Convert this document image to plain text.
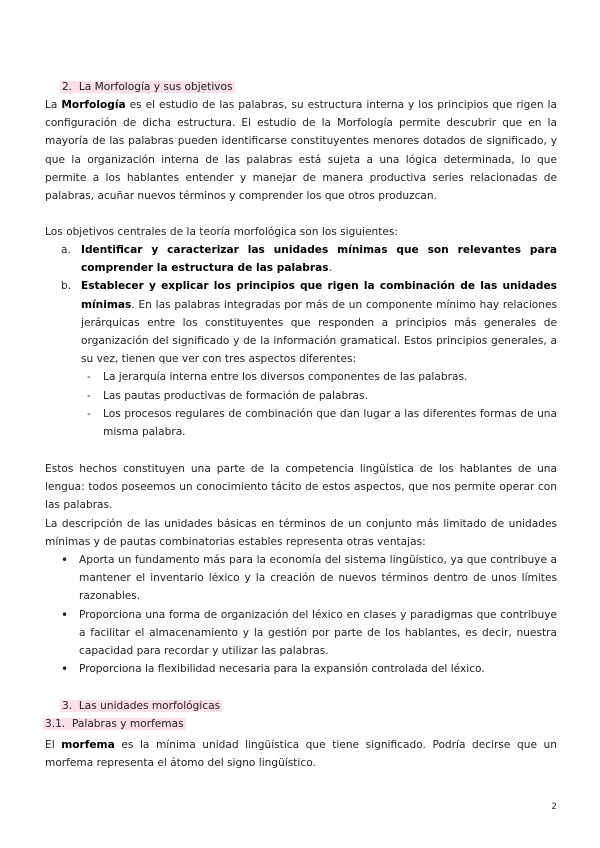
2. La Morfología y sus objetivos

La Morfología es el estudio de las palabras, su estructura interna y los principios que rigen la configuración de dicha estructura. El estudio de la Morfología permite descubrir que en la mayoría de las palabras pueden identificarse constituyentes menores dotados de significado, y que la organización interna de las palabras está sujeta a una lógica determinada, lo que permite a los hablantes entender y manejar de manera productiva series relacionadas de palabras, acuñar nuevos términos y comprender los que otros produzcan.

Los objetivos centrales de la teoría morfológica son los siguientes:

a. Identificar y caracterizar las unidades mínimas que son relevantes para comprender la estructura de las palabras.
b. Establecer y explicar los principios que rigen la combinación de las unidades mínimas. En las palabras integradas por más de un componente mínimo hay relaciones jerárquicas entre los constituyentes que responden a principios más generales de organización del significado y de la información gramatical. Estos principios generales, a su vez, tienen que ver con tres aspectos diferentes:
- La jerarquía interna entre los diversos componentes de las palabras.
- Las pautas productivas de formación de palabras.
- Los procesos regulares de combinación que dan lugar a las diferentes formas de una misma palabra.

Estos hechos constituyen una parte de la competencia lingüística de los hablantes de una lengua: todos poseemos un conocimiento tácito de estos aspectos, que nos permite operar con las palabras.

La descripción de las unidades básicas en términos de un conjunto más limitado de unidades mínimas y de pautas combinatorias estables representa otras ventajas:

• Aporta un fundamento más para la economía del sistema lingüístico, ya que contribuye a mantener el inventario léxico y la creación de nuevos términos dentro de unos límites razonables.
• Proporciona una forma de organización del léxico en clases y paradigmas que contribuye a facilitar el almacenamiento y la gestión por parte de los hablantes, es decir, nuestra capacidad para recordar y utilizar las palabras.
• Proporciona la flexibilidad necesaria para la expansión controlada del léxico.
3. Las unidades morfológicas
3.1. Palabras y morfemas

El morfema es la mínima unidad lingüística que tiene significado. Podría decirse que un morfema representa el átomo del signo lingüístico.

2
